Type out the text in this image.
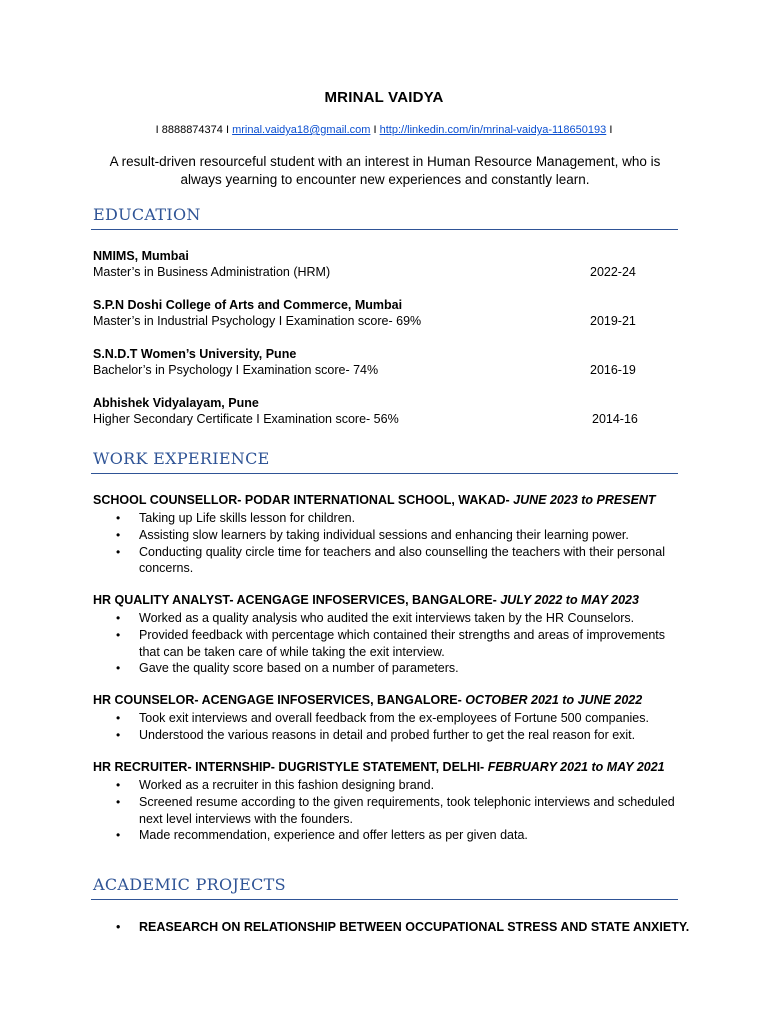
MRINAL VAIDYA
I 8888874374 I mrinal.vaidya18@gmail.com I http://linkedin.com/in/mrinal-vaidya-118650193 I
A result-driven resourceful student with an interest in Human Resource Management, who is always yearning to encounter new experiences and constantly learn.
EDUCATION
NMIMS, Mumbai
Master’s in Business Administration (HRM)	2022-24
S.P.N Doshi College of Arts and Commerce, Mumbai
Master’s in Industrial Psychology I Examination score- 69%	2019-21
S.N.D.T Women’s University, Pune
Bachelor’s in Psychology I Examination score- 74%	2016-19
Abhishek Vidyalayam, Pune
Higher Secondary Certificate I Examination score- 56%	2014-16
WORK EXPERIENCE
SCHOOL COUNSELLOR- PODAR INTERNATIONAL SCHOOL, WAKAD- JUNE 2023 to PRESENT
• Taking up Life skills lesson for children.
• Assisting slow learners by taking individual sessions and enhancing their learning power.
• Conducting quality circle time for teachers and also counselling the teachers with their personal concerns.
HR QUALITY ANALYST- ACENGAGE INFOSERVICES, BANGALORE- JULY 2022 to MAY 2023
• Worked as a quality analysis who audited the exit interviews taken by the HR Counselors.
• Provided feedback with percentage which contained their strengths and areas of improvements that can be taken care of while taking the exit interview.
• Gave the quality score based on a number of parameters.
HR COUNSELOR- ACENGAGE INFOSERVICES, BANGALORE- OCTOBER 2021 to JUNE 2022
• Took exit interviews and overall feedback from the ex-employees of Fortune 500 companies.
• Understood the various reasons in detail and probed further to get the real reason for exit.
HR RECRUITER- INTERNSHIP- DUGRISTYLE STATEMENT, DELHI- FEBRUARY 2021 to MAY 2021
• Worked as a recruiter in this fashion designing brand.
• Screened resume according to the given requirements, took telephonic interviews and scheduled next level interviews with the founders.
• Made recommendation, experience and offer letters as per given data.
ACADEMIC PROJECTS
• REASEARCH ON RELATIONSHIP BETWEEN OCCUPATIONAL STRESS AND STATE ANXIETY.
